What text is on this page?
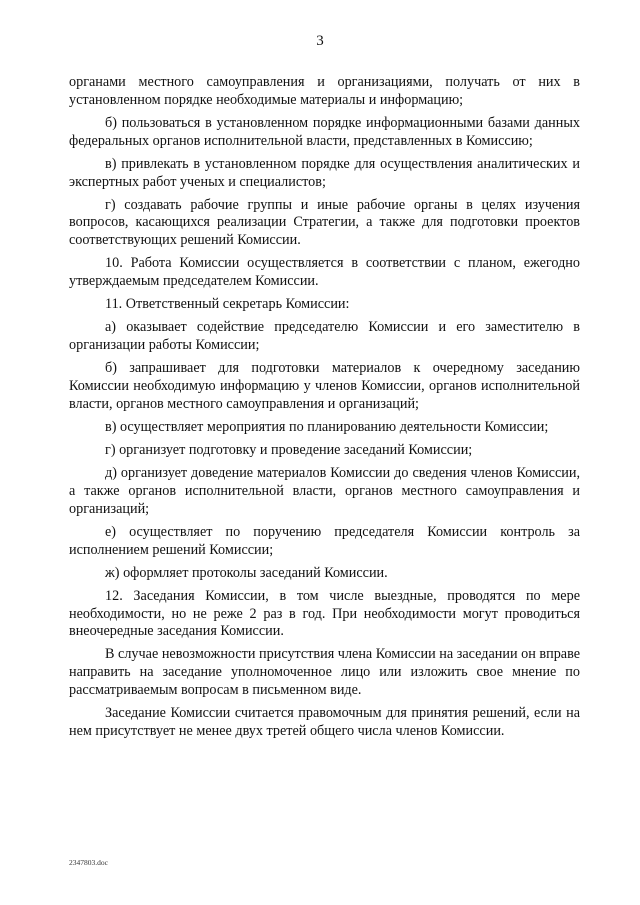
3

органами местного самоуправления и организациями, получать от них в установленном порядке необходимые материалы и информацию;

б) пользоваться в установленном порядке информационными базами данных федеральных органов исполнительной власти, представленных в Комиссию;

в) привлекать в установленном порядке для осуществления аналитических и экспертных работ ученых и специалистов;

г) создавать рабочие группы и иные рабочие органы в целях изучения вопросов, касающихся реализации Стратегии, а также для подготовки проектов соответствующих решений Комиссии.

10. Работа Комиссии осуществляется в соответствии с планом, ежегодно утверждаемым председателем Комиссии.

11. Ответственный секретарь Комиссии:

а) оказывает содействие председателю Комиссии и его заместителю в организации работы Комиссии;

б) запрашивает для подготовки материалов к очередному заседанию Комиссии необходимую информацию у членов Комиссии, органов исполнительной власти, органов местного самоуправления и организаций;

в) осуществляет мероприятия по планированию деятельности Комиссии;

г) организует подготовку и проведение заседаний Комиссии;

д) организует доведение материалов Комиссии до сведения членов Комиссии, а также органов исполнительной власти, органов местного самоуправления и организаций;

е) осуществляет по поручению председателя Комиссии контроль за исполнением решений Комиссии;

ж) оформляет протоколы заседаний Комиссии.

12. Заседания Комиссии, в том числе выездные, проводятся по мере необходимости, но не реже 2 раз в год. При необходимости могут проводиться внеочередные заседания Комиссии.

В случае невозможности присутствия члена Комиссии на заседании он вправе направить на заседание уполномоченное лицо или изложить свое мнение по рассматриваемым вопросам в письменном виде.

Заседание Комиссии считается правомочным для принятия решений, если на нем присутствует не менее двух третей общего числа членов Комиссии.

2347803.doc
